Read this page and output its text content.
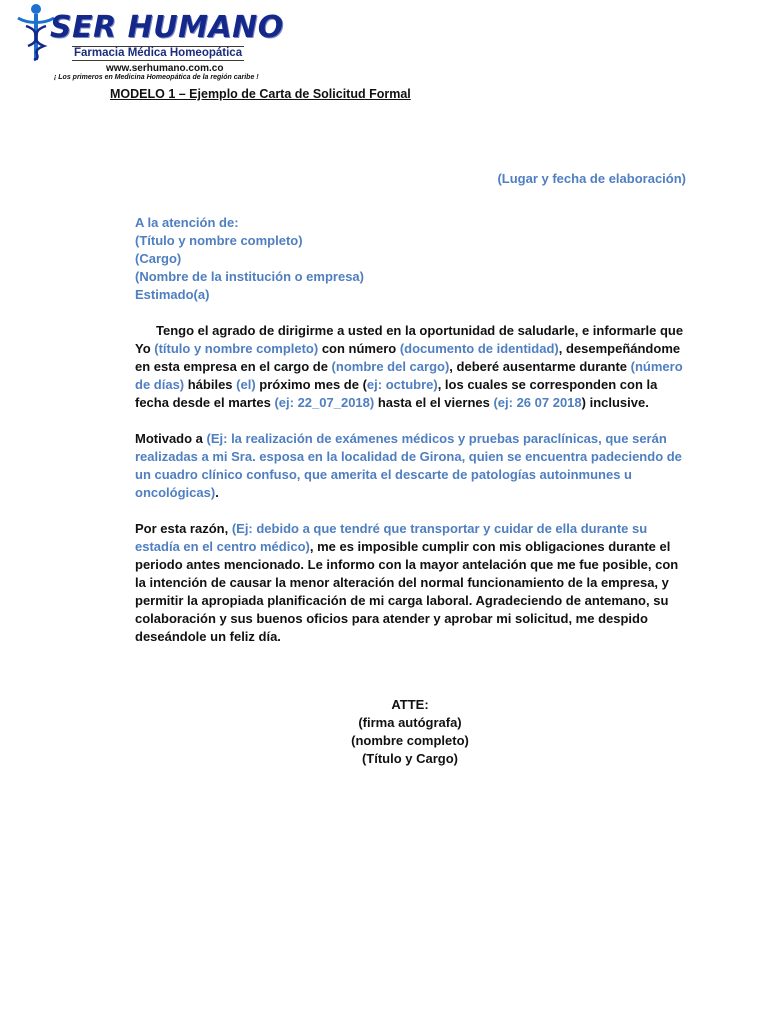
SER HUMANO
Farmacia Médica Homeopática
www.serhumano.com.co
¡ Los primeros en Medicina Homeopática de la región caribe !
MODELO 1 – Ejemplo de Carta de Solicitud Formal
(Lugar y fecha de elaboración)
A la atención de:
(Título y nombre completo)
(Cargo)
(Nombre de la institución o empresa)
Estimado(a)

Tengo el agrado de dirigirme a usted en la oportunidad de saludarle, e informarle que Yo (título y nombre completo) con número (documento de identidad), desempeñándome en esta empresa en el cargo de (nombre del cargo), deberé ausentarme durante (número de días) hábiles (el) próximo mes de (ej: octubre), los cuales se corresponden con la fecha desde el martes (ej: 22_07_2018) hasta el el viernes (ej: 26 07 2018) inclusive.

Motivado a (Ej: la realización de exámenes médicos y pruebas paraclínicas, que serán realizadas a mi Sra. esposa en la localidad de Girona, quien se encuentra padeciendo de un cuadro clínico confuso, que amerita el descarte de patologías autoinmunes u oncológicas).

Por esta razón, (Ej: debido a que tendré que transportar y cuidar de ella durante su estadía en el centro médico), me es imposible cumplir con mis obligaciones durante el periodo antes mencionado. Le informo con la mayor antelación que me fue posible, con la intención de causar la menor alteración del normal funcionamiento de la empresa, y permitir la apropiada planificación de mi carga laboral. Agradeciendo de antemano, su colaboración y sus buenos oficios para atender y aprobar mi solicitud, me despido deseándole un feliz día.

ATTE:
(firma autógrafa)
(nombre completo)
(Título y Cargo)
